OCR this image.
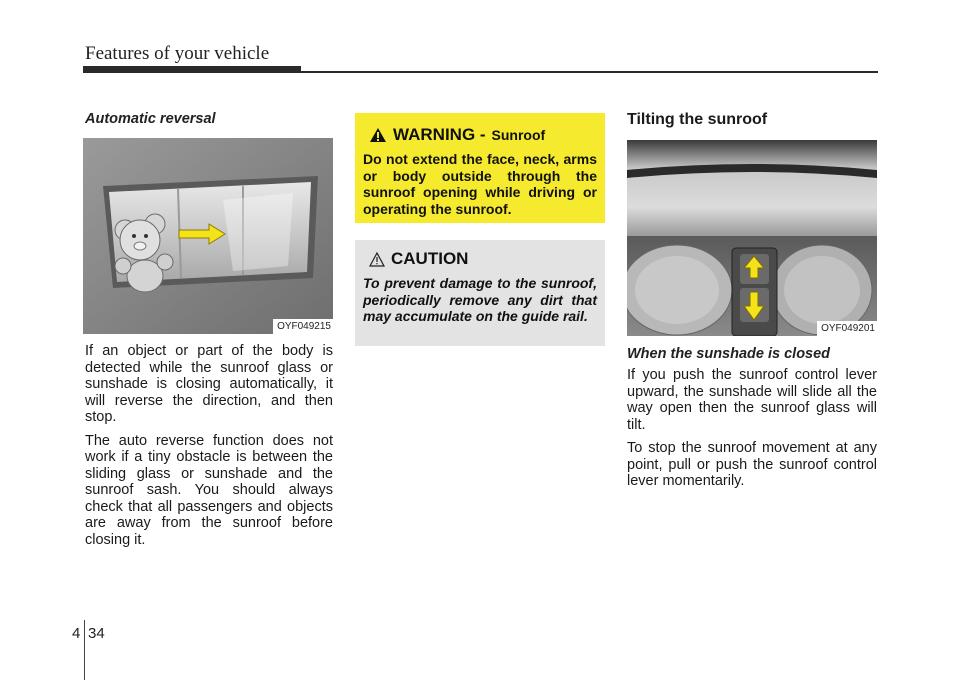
Features of your vehicle
Automatic reversal
OYF049215

If an object or part of the body is detected while the sunroof glass or sunshade is closing automatically, it will reverse the direction, and then stop.

The auto reverse function does not work if a tiny obstacle is between the sliding glass or sunshade and the sunroof sash. You should always check that all passengers and objects are away from the sunroof before closing it.

WARNING - Sunroof
Do not extend the face, neck, arms or body outside through the sunroof opening while driving or operating the sunroof.
CAUTION
To prevent damage to the sunroof, periodically remove any dirt that may accumulate on the guide rail.
Tilting the sunroof
OYF049201
When the sunshade is closed

If you push the sunroof control lever upward, the sunshade will slide all the way open then the sunroof glass will tilt.

To stop the sunroof movement at any point, pull or push the sunroof control lever momentarily.

4 34
